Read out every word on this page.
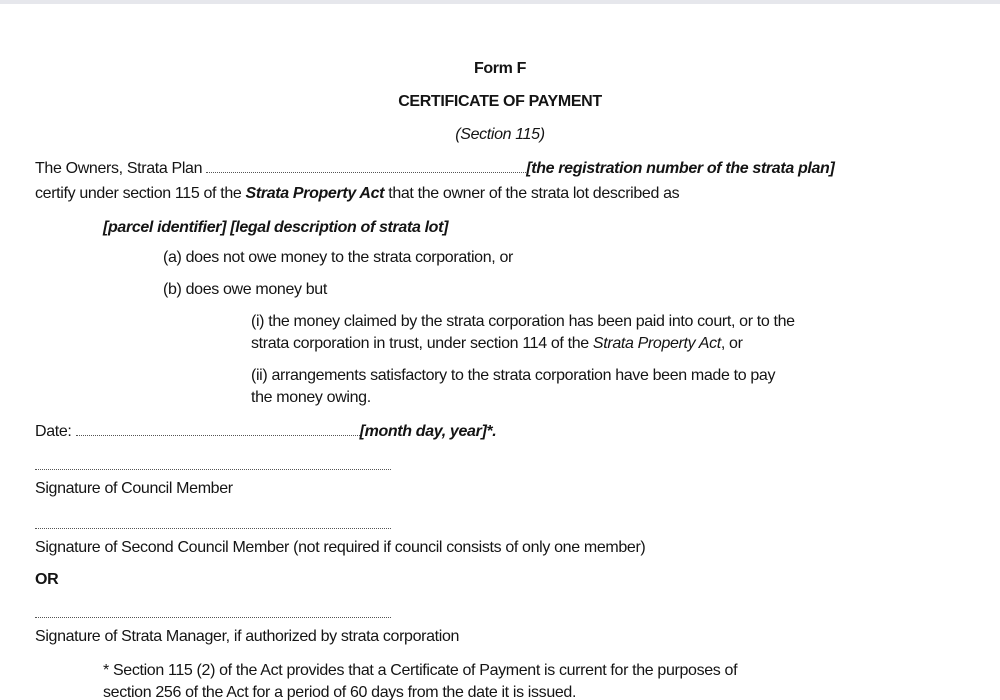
Form F
CERTIFICATE OF PAYMENT
(Section 115)
The Owners, Strata Plan	[the registration number of the strata plan]
certify under section 115 of the Strata Property Act that the owner of the strata lot described as
[parcel identifier] [legal description of strata lot]
(a) does not owe money to the strata corporation, or
(b) does owe money but
(i) the money claimed by the strata corporation has been paid into court, or to the
strata corporation in trust, under section 114 of the Strata Property Act, or
(ii) arrangements satisfactory to the strata corporation have been made to pay
the money owing.
Date:	[month day, year]*.
Signature of Council Member
Signature of Second Council Member (not required if council consists of only one member)
OR
Signature of Strata Manager, if authorized by strata corporation
* Section 115 (2) of the Act provides that a Certificate of Payment is current for the purposes of
section 256 of the Act for a period of 60 days from the date it is issued.
